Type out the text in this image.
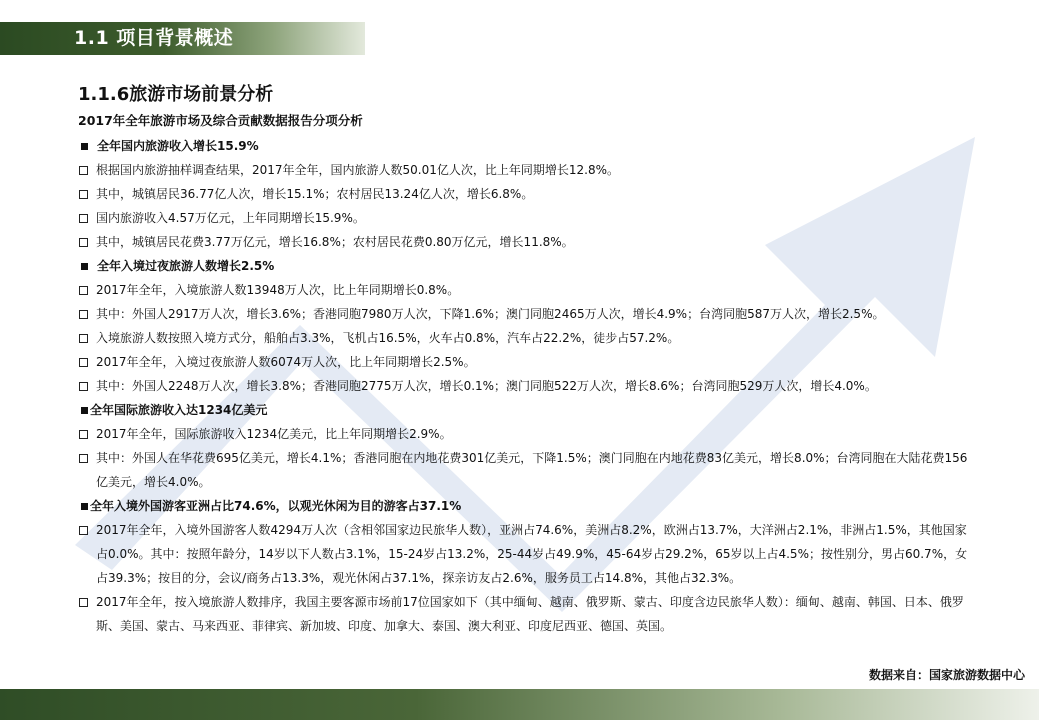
1.1 项目背景概述
1.1.6旅游市场前景分析
2017年全年旅游市场及综合贡献数据报告分项分析
全年国内旅游收入增长15.9%
根据国内旅游抽样调查结果，2017年全年，国内旅游人数50.01亿人次，比上年同期增长12.8%。
其中，城镇居民36.77亿人次，增长15.1%；农村居民13.24亿人次，增长6.8%。
国内旅游收入4.57万亿元，上年同期增长15.9%。
其中，城镇居民花费3.77万亿元，增长16.8%；农村居民花费0.80万亿元，增长11.8%。
全年入境过夜旅游人数增长2.5%
2017年全年，入境旅游人数13948万人次，比上年同期增长0.8%。
其中：外国人2917万人次，增长3.6%；香港同胞7980万人次，下降1.6%；澳门同胞2465万人次，增长4.9%；台湾同胞587万人次，增长2.5%。
入境旅游人数按照入境方式分，船舶占3.3%，飞机占16.5%，火车占0.8%，汽车占22.2%，徒步占57.2%。
2017年全年，入境过夜旅游人数6074万人次，比上年同期增长2.5%。
其中：外国人2248万人次，增长3.8%；香港同胞2775万人次，增长0.1%；澳门同胞522万人次，增长8.6%；台湾同胞529万人次，增长4.0%。
全年国际旅游收入达1234亿美元
2017年全年，国际旅游收入1234亿美元，比上年同期增长2.9%。
其中：外国人在华花费695亿美元，增长4.1%；香港同胞在内地花费301亿美元，下降1.5%；澳门同胞在内地花费83亿美元，增长8.0%；台湾同胞在大陆花费156亿美元，增长4.0%。
全年入境外国游客亚洲占比74.6%，以观光休闲为目的游客占37.1%
2017年全年，入境外国游客人数4294万人次（含相邻国家边民旅华人数），亚洲占74.6%，美洲占8.2%，欧洲占13.7%，大洋洲占2.1%，非洲占1.5%，其他国家占0.0%。其中：按照年龄分，14岁以下人数占3.1%，15-24岁占13.2%，25-44岁占49.9%，45-64岁占29.2%，65岁以上占4.5%；按性别分，男占60.7%，女占39.3%；按目的分，会议/商务占13.3%，观光休闲占37.1%，探亲访友占2.6%，服务员工占14.8%，其他占32.3%。
2017年全年，按入境旅游人数排序，我国主要客源市场前17位国家如下（其中缅甸、越南、俄罗斯、蒙古、印度含边民旅华人数）：缅甸、越南、韩国、日本、俄罗斯、美国、蒙古、马来西亚、菲律宾、新加坡、印度、加拿大、泰国、澳大利亚、印度尼西亚、德国、英国。
数据来自：国家旅游数据中心
